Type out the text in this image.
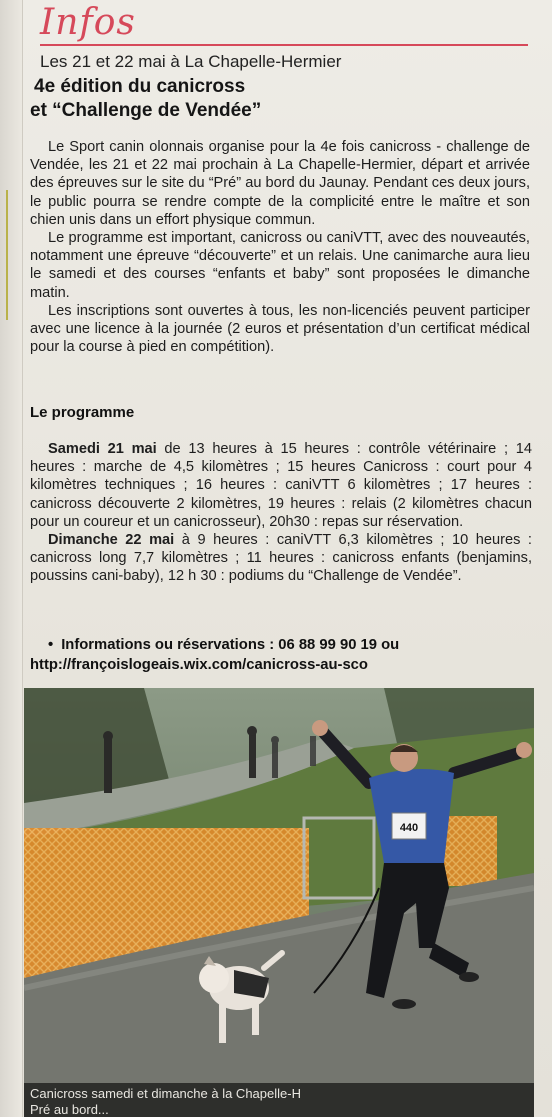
Infos
Les 21 et 22 mai à La Chapelle-Hermier
4e édition du canicross
et “Challenge de Vendée”

Le Sport canin olonnais organise pour la 4e fois canicross - challenge de Vendée, les 21 et 22 mai prochain à La Chapelle-Hermier, départ et arrivée des épreuves sur le site du “Pré” au bord du Jaunay. Pendant ces deux jours, le public pourra se rendre compte de la complicité entre le maître et son chien unis dans un effort physique commun.

Le programme est important, canicross ou caniVTT, avec des nouveautés, notamment une épreuve “découverte” et un relais. Une canimarche aura lieu le samedi et des courses “enfants et baby” sont proposées le dimanche matin.

Les inscriptions sont ouvertes à tous, les non-licenciés peuvent participer avec une licence à la journée (2 euros et présentation d’un certificat médical pour la course à pied en compétition).

Le programme

Samedi 21 mai de 13 heures à 15 heures : contrôle vétérinaire ; 14 heures : marche de 4,5 kilomètres ; 15 heures Canicross : court pour 4 kilomètres techniques ; 16 heures : caniVTT 6 kilomètres ; 17 heures : canicross découverte 2 kilomètres, 19 heures : relais (2 kilomètres chacun pour un coureur et un canicrosseur), 20h30 : repas sur réservation.

Dimanche 22 mai à 9 heures : caniVTT 6,3 kilomètres ; 10 heures : canicross long 7,7 kilomètres ; 11 heures : canicross enfants (benjamins, poussins cani-baby), 12 h 30 : podiums du “Challenge de Vendée”.

• Informations ou réservations : 06 88 99 90 19 ou
http://françoislogeais.wix.com/canicross-au-sco
440
Canicross samedi et dimanche à la Chapelle-H
Pré au bord...
